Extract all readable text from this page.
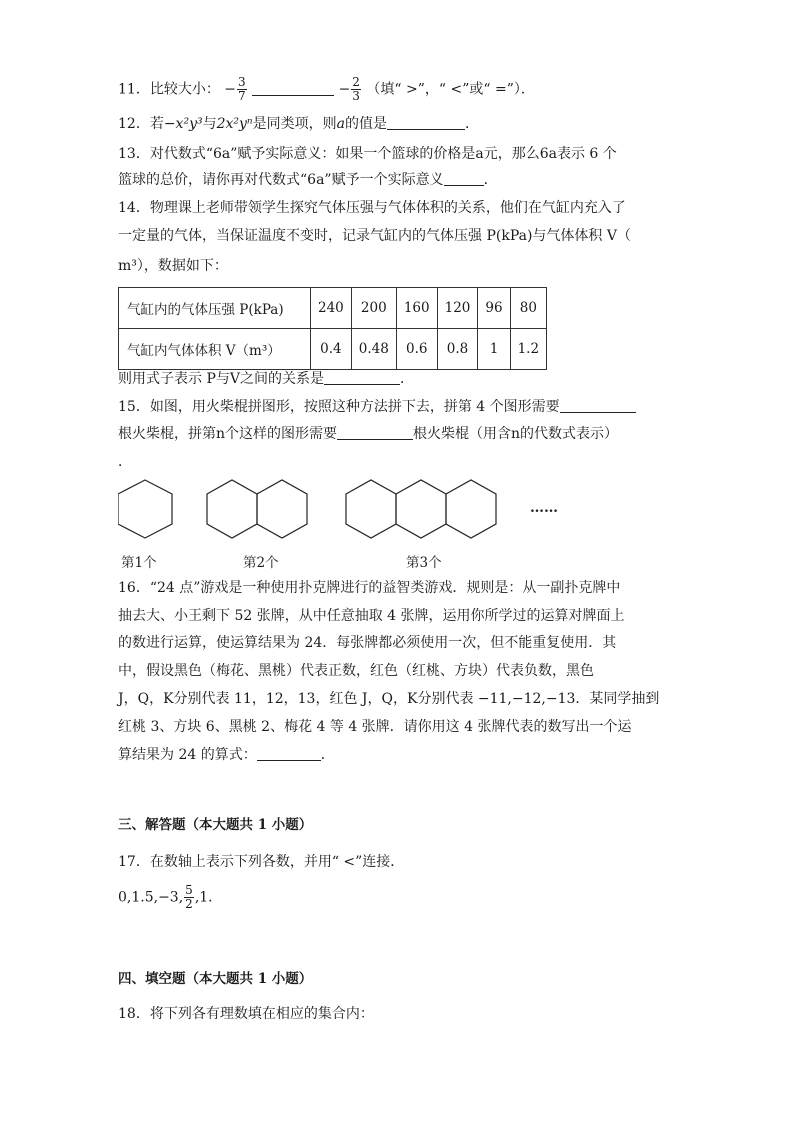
11．比较大小： − $\frac{3}{7}$	− $\frac{2}{3}$ （填“ >”，“ <”或“ =”）．
12．若−x²y³与2x²yⁿ是同类项，则a的值是	．
13．对代数式“6a”赋予实际意义：如果一个篮球的价格是a元，那么6a表示 6 个
篮球的总价，请你再对代数式“6a”赋予一个实际意义	．
14．物理课上老师带领学生探究气体压强与气体体积的关系，他们在气缸内充入了
一定量的气体，当保证温度不变时，记录气缸内的气体压强 P(kPa)与气体体积 V（
m³），数据如下：
气缸内的气体压强 P(kPa)	240	200	160	120	96	80
气缸内气体体积 V（m³）	0.4	0.48	0.6	0.8	1	1.2
则用式子表示 P与V之间的关系是	．
15．如图，用火柴棍拼图形，按照这种方法拼下去，拼第 4 个图形需要
根火柴棍，拼第n个这样的图形需要	根火柴棍（用含n的代数式表示）
．
……
第1个	第2个	第3个
16．“24 点”游戏是一种使用扑克牌进行的益智类游戏．规则是：从一副扑克牌中
抽去大、小王剩下 52 张牌，从中任意抽取 4 张牌，运用你所学过的运算对牌面上
的数进行运算，使运算结果为 24．每张牌都必须使用一次，但不能重复使用．其
中，假设黑色（梅花、黑桃）代表正数，红色（红桃、方块）代表负数，黑色
J，Q，K分别代表 11，12，13，红色 J，Q，K分别代表 −11,−12,−13．某同学抽到
红桃 3、方块 6、黑桃 2、梅花 4 等 4 张牌．请你用这 4 张牌代表的数写出一个运
算结果为 24 的算式：	．
三、解答题（本大题共 1 小题）
17．在数轴上表示下列各数，并用“ <”连接．
0,1.5,−3, $\frac{5}{2} ,1$．
四、填空题（本大题共 1 小题）
18．将下列各有理数填在相应的集合内：
